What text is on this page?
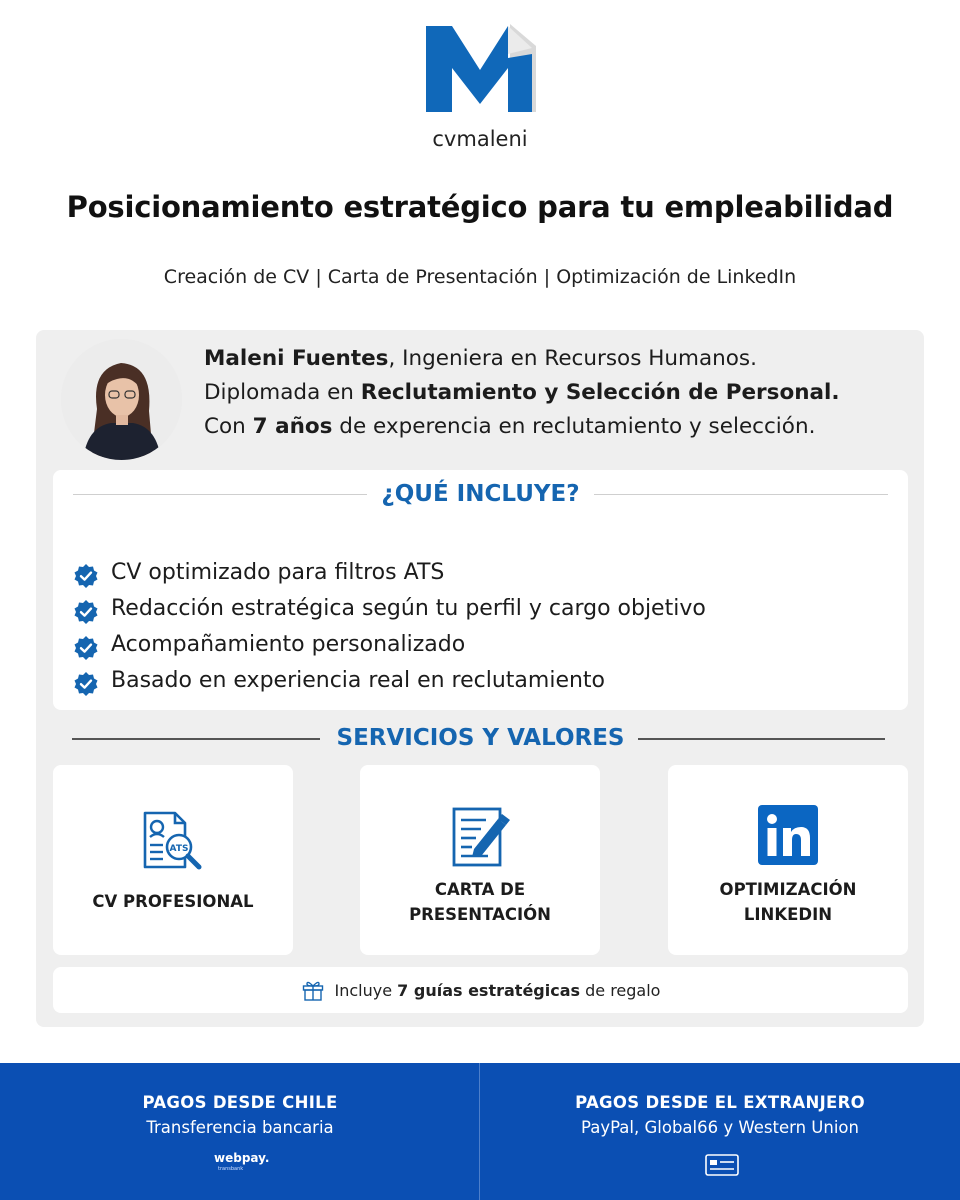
cvmaleni
Posicionamiento estratégico para tu empleabilidad
Creación de CV | Carta de Presentación | Optimización de LinkedIn
Maleni Fuentes, Ingeniera en Recursos Humanos.
Diplomada en Reclutamiento y Selección de Personal.
Con 7 años de experencia en reclutamiento y selección.
¿QUÉ INCLUYE?
CV optimizado para filtros ATS
Redacción estratégica según tu perfil y cargo objetivo
Acompañamiento personalizado
Basado en experiencia real en reclutamiento
SERVICIOS Y VALORES
ATS
CV PROFESIONAL
CARTA DE
PRESENTACIÓN
OPTIMIZACIÓN
LINKEDIN
Incluye 7 guías estratégicas de regalo
PAGOS DESDE CHILE
Transferencia bancaria
webpay.
transbank
PAGOS DESDE EL EXTRANJERO
PayPal, Global66 y Western Union
